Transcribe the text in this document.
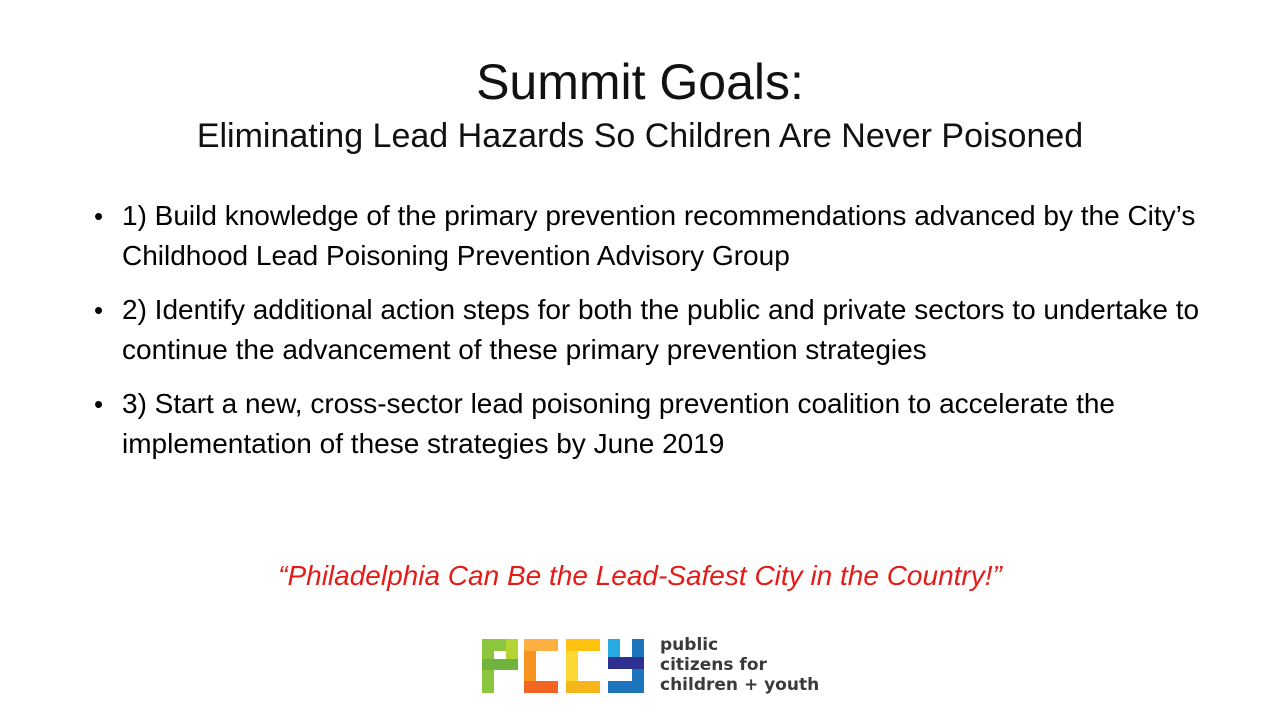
Summit Goals:
Eliminating Lead Hazards So Children Are Never Poisoned
• 1) Build knowledge of the primary prevention recommendations advanced by the City’s Childhood Lead Poisoning Prevention Advisory Group
• 2) Identify additional action steps for both the public and private sectors to undertake to continue the advancement of these primary prevention strategies
• 3) Start a new, cross-sector lead poisoning prevention coalition to accelerate the implementation of these strategies by June 2019
“Philadelphia Can Be the Lead-Safest City in the Country!”
public
citizens for
children + youth
